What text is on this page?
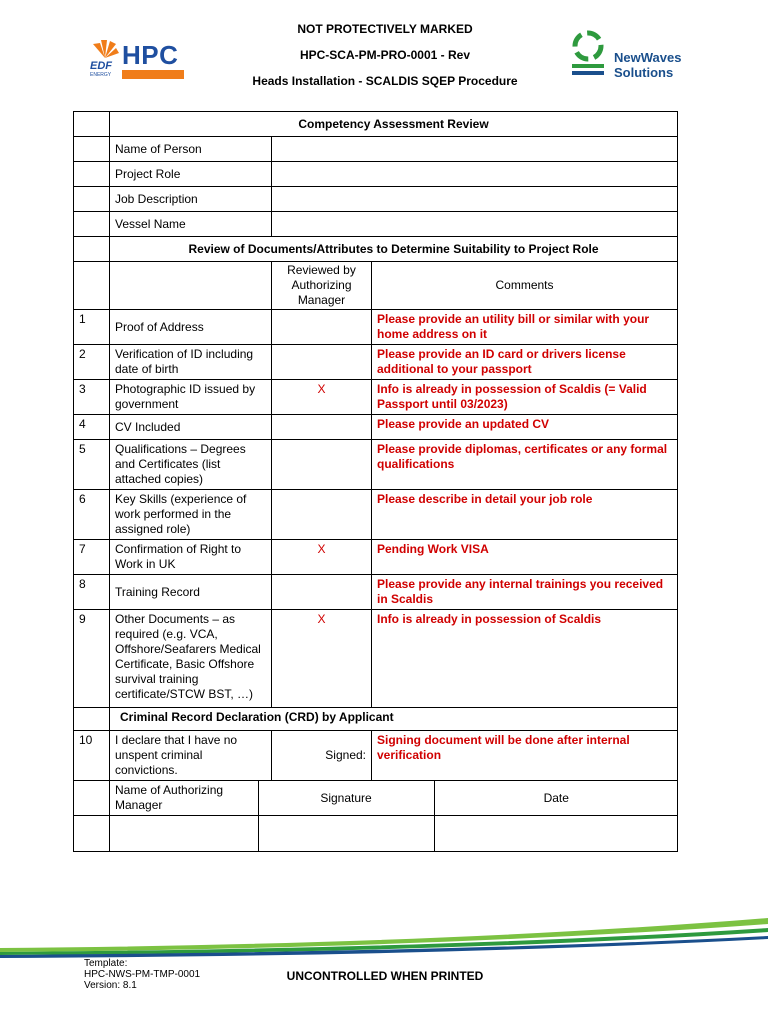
NOT PROTECTIVELY MARKED
HPC-SCA-PM-PRO-0001 - Rev
Heads Installation - SCALDIS SQEP Procedure
HPC
EDF
ENERGY
NewWaves
Solutions
	Competency Assessment Review
	Name of Person	
	Project Role	
	Job Description	
	Vessel Name	
	Review of Documents/Attributes to Determine Suitability to Project Role
		Reviewed by Authorizing Manager	Comments
1	Proof of Address		Please provide an utility bill or similar with your home address on it
2	Verification of ID including date of birth		Please provide an ID card or drivers license additional to your passport
3	Photographic ID issued by government	X	Info is already in possession of Scaldis (= Valid Passport until 03/2023)
4	CV Included		Please provide an updated CV
5	Qualifications – Degrees and Certificates (list attached copies)		Please provide diplomas, certificates or any formal qualifications
6	Key Skills (experience of work performed in the assigned role)		Please describe in detail your job role
7	Confirmation of Right to Work in UK	X	Pending Work VISA
8	Training Record		Please provide any internal trainings you received in Scaldis
9	Other Documents – as required (e.g. VCA, Offshore/Seafarers Medical Certificate, Basic Offshore survival training certificate/STCW BST, …)	X	Info is already in possession of Scaldis
	Criminal Record Declaration (CRD) by Applicant
10	I declare that I have no unspent criminal convictions.	Signed:	Signing document will be done after internal verification

Name of Authorizing Manager	Signature	Date

Template:
HPC-NWS-PM-TMP-0001
Version: 8.1
UNCONTROLLED WHEN PRINTED
